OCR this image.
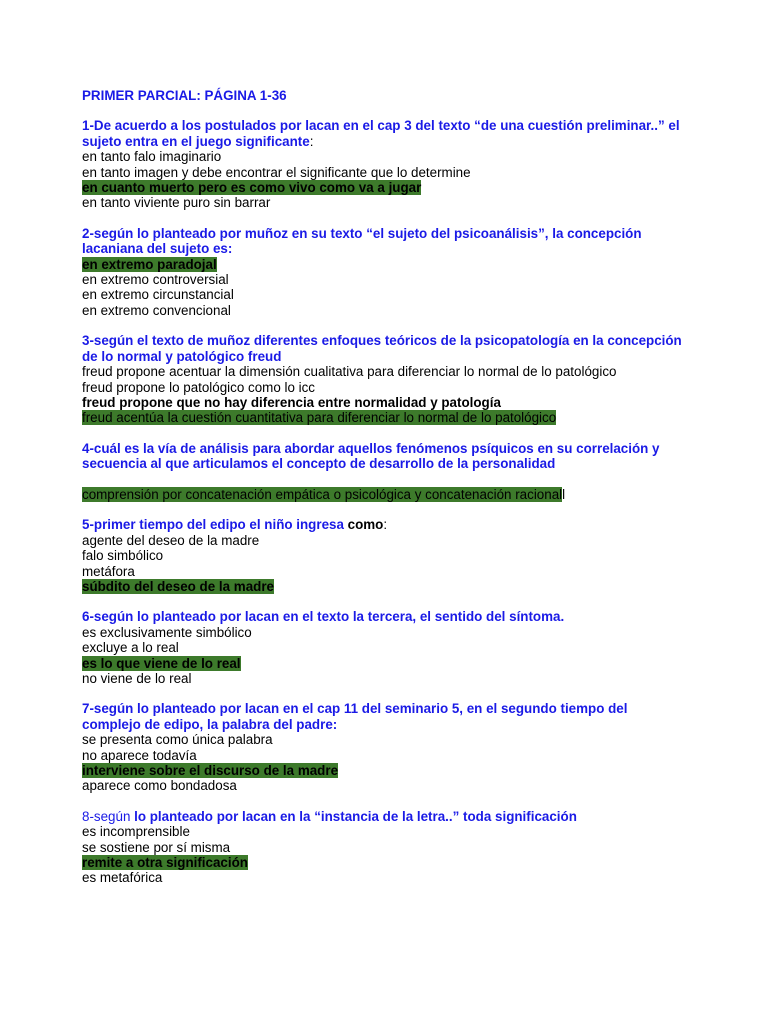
PRIMER PARCIAL: PÁGINA 1-36
1-De acuerdo a los postulados por lacan en el cap 3 del texto “de una cuestión preliminar..” el sujeto entra en el juego significante:
en tanto falo imaginario
en tanto imagen y debe encontrar el significante que lo determine
en cuanto muerto pero es como vivo como va a jugar
en tanto viviente puro sin barrar
2-según lo planteado por muñoz en su texto “el sujeto del psicoanálisis”, la concepción lacaniana del sujeto es:
en extremo paradojal
en extremo controversial
en extremo circunstancial
en extremo convencional
3-según el texto de muñoz diferentes enfoques teóricos de la psicopatología en la concepción de lo normal y patológico freud
freud propone acentuar la dimensión cualitativa para diferenciar lo normal de lo patológico
freud propone lo patológico como lo icc
freud propone que no hay diferencia entre normalidad y patología
freud acentúa la cuestión cuantitativa para diferenciar lo normal de lo patológico
4-cuál es la vía de análisis para abordar aquellos fenómenos psíquicos en su correlación y secuencia al que articulamos el concepto de desarrollo de la personalidad
comprensión por concatenación empática o psicológica y concatenación racionall
5-primer tiempo del edipo el niño ingresa como:
agente del deseo de la madre
falo simbólico
metáfora
súbdito del deseo de la madre
6-según lo planteado por lacan en el texto la tercera, el sentido del síntoma.
es exclusivamente simbólico
excluye a lo real
es lo que viene de lo real
no viene de lo real
7-según lo planteado por lacan en el cap 11 del seminario 5, en el segundo tiempo del complejo de edipo, la palabra del padre:
se presenta como única palabra
no aparece todavía
interviene sobre el discurso de la madre
aparece como bondadosa
8-según lo planteado por lacan en la “instancia de la letra..” toda significación
es incomprensible
se sostiene por sí misma
remite a otra significación
es metafórica
